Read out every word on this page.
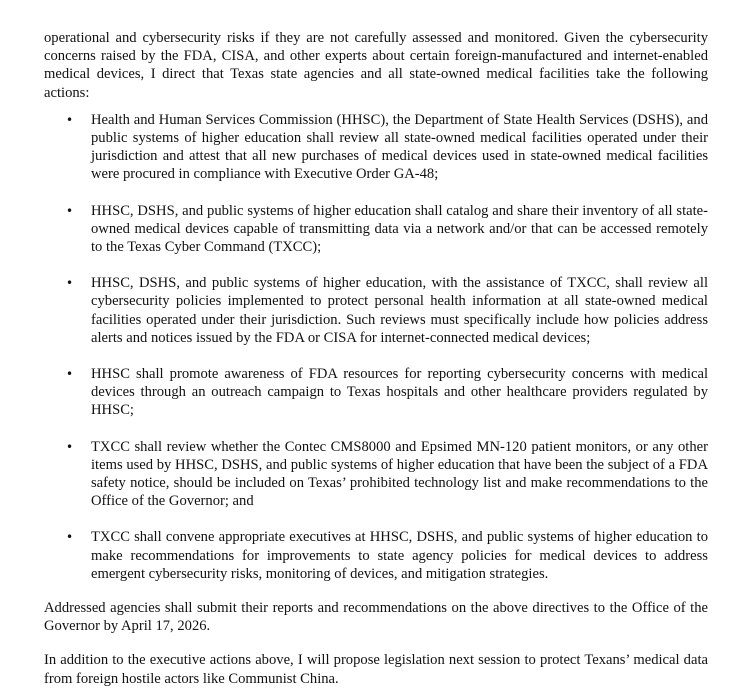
operational and cybersecurity risks if they are not carefully assessed and monitored. Given the cybersecurity concerns raised by the FDA, CISA, and other experts about certain foreign-manufactured and internet-enabled medical devices, I direct that Texas state agencies and all state-owned medical facilities take the following actions:

• Health and Human Services Commission (HHSC), the Department of State Health Services (DSHS), and public systems of higher education shall review all state-owned medical facilities operated under their jurisdiction and attest that all new purchases of medical devices used in state-owned medical facilities were procured in compliance with Executive Order GA-48;
• HHSC, DSHS, and public systems of higher education shall catalog and share their inventory of all state-owned medical devices capable of transmitting data via a network and/or that can be accessed remotely to the Texas Cyber Command (TXCC);
• HHSC, DSHS, and public systems of higher education, with the assistance of TXCC, shall review all cybersecurity policies implemented to protect personal health information at all state-owned medical facilities operated under their jurisdiction. Such reviews must specifically include how policies address alerts and notices issued by the FDA or CISA for internet-connected medical devices;
• HHSC shall promote awareness of FDA resources for reporting cybersecurity concerns with medical devices through an outreach campaign to Texas hospitals and other healthcare providers regulated by HHSC;
• TXCC shall review whether the Contec CMS8000 and Epsimed MN-120 patient monitors, or any other items used by HHSC, DSHS, and public systems of higher education that have been the subject of a FDA safety notice, should be included on Texas’ prohibited technology list and make recommendations to the Office of the Governor; and
• TXCC shall convene appropriate executives at HHSC, DSHS, and public systems of higher education to make recommendations for improvements to state agency policies for medical devices to address emergent cybersecurity risks, monitoring of devices, and mitigation strategies.

Addressed agencies shall submit their reports and recommendations on the above directives to the Office of the Governor by April 17, 2026.

In addition to the executive actions above, I will propose legislation next session to protect Texans’ medical data from foreign hostile actors like Communist China.
